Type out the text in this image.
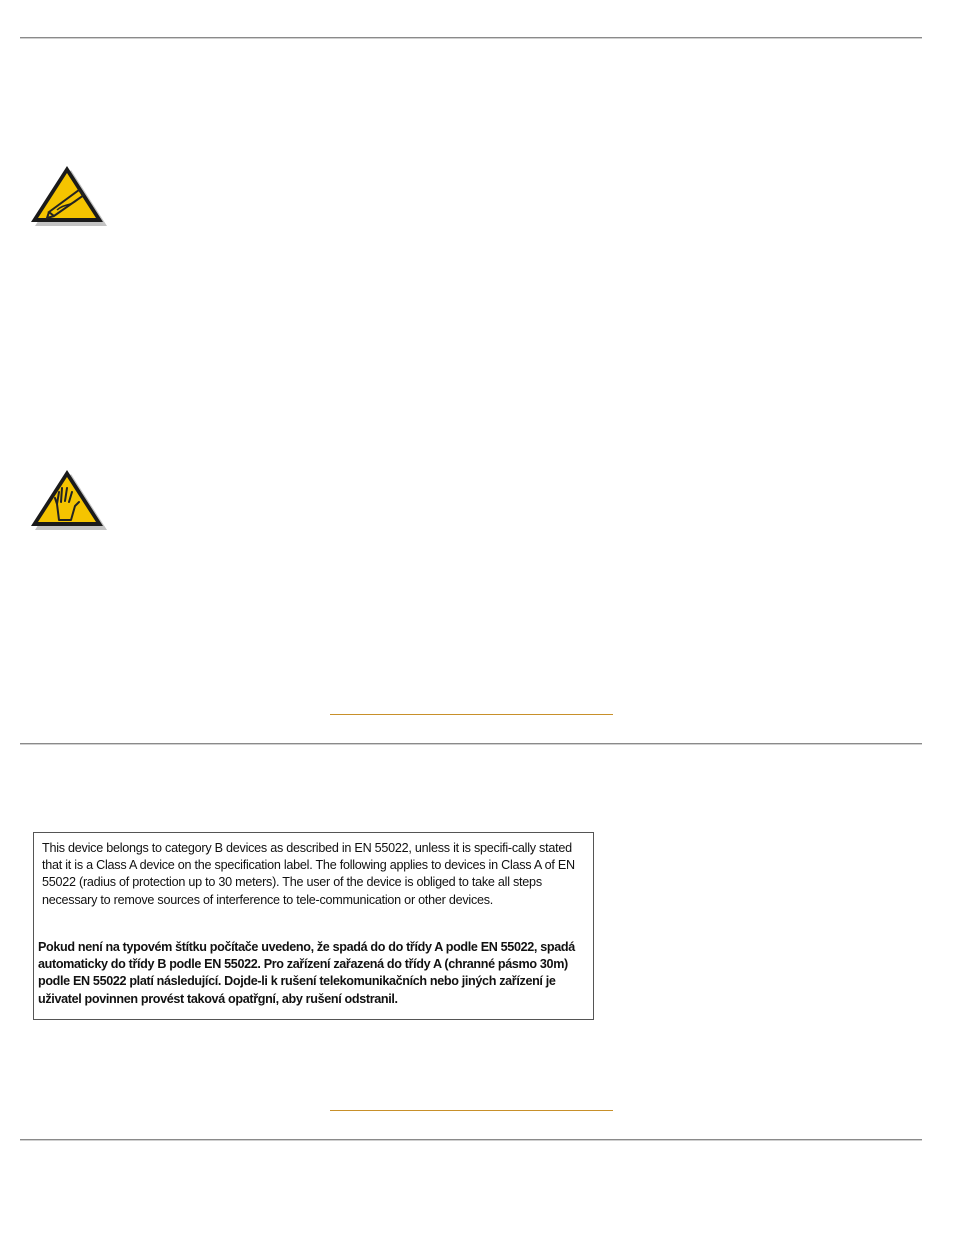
This device belongs to category B devices as described in EN 55022, unless it is specifi-cally stated that it is a Class A device on the specification label. The following applies to devices in Class A of EN 55022 (radius of protection up to 30 meters). The user of the device is obliged to take all steps necessary to remove sources of interference to tele-communication or other devices.

Pokud není na typovém štítku počítače uvedeno, že spadá do do třídy A podle EN 55022, spadá automaticky do třídy B podle EN 55022. Pro zařízení zařazená do třídy A (chranné pásmo 30m) podle EN 55022 platí následující. Dojde-li k rušení telekomunikačních nebo jiných zařízení je uživatel povinnen provést taková opatřgní, aby rušení odstranil.
